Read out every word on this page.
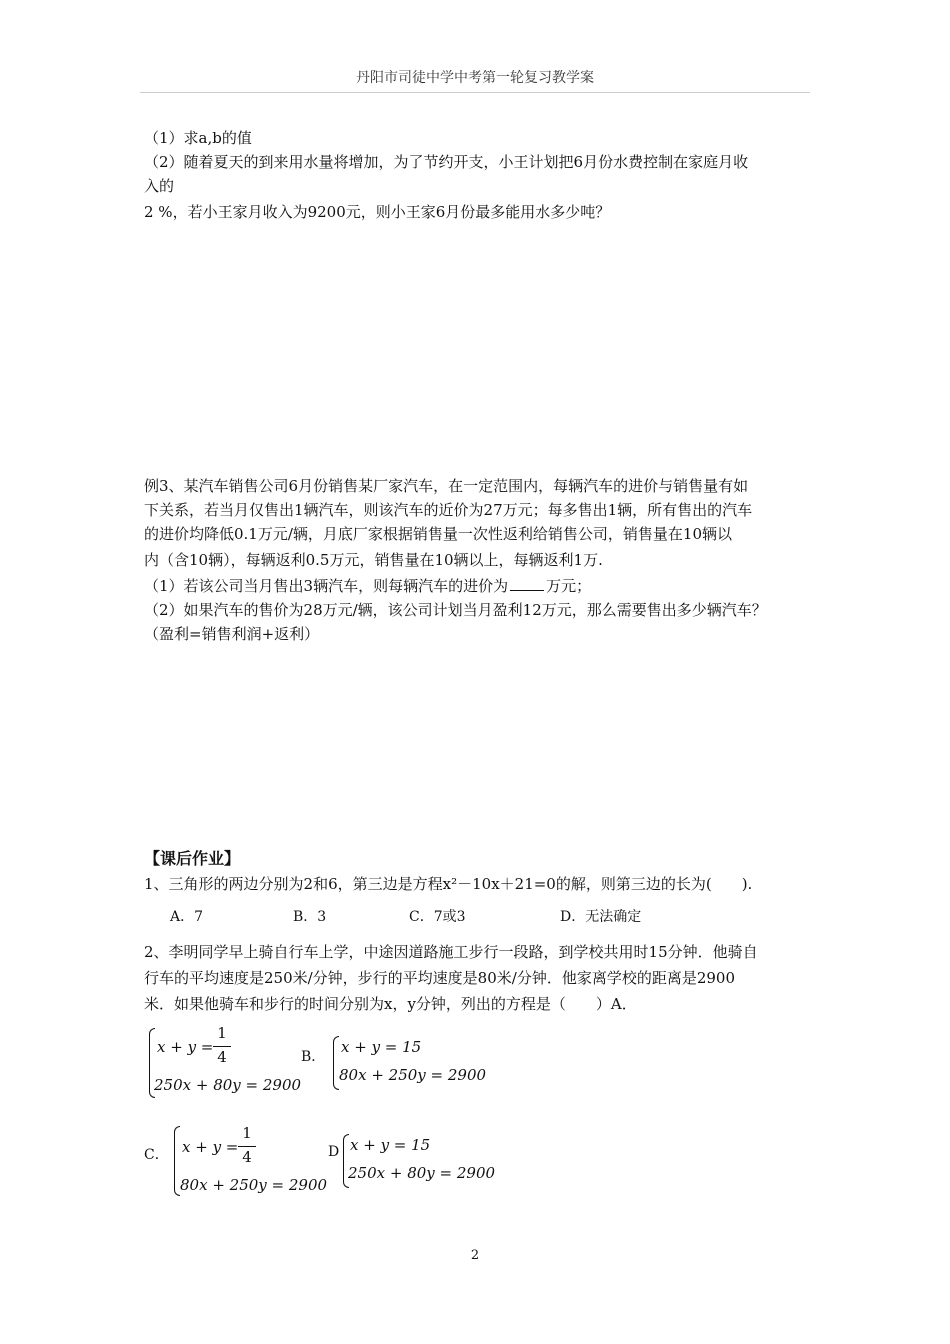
丹阳市司徒中学中考第一轮复习教学案
（1）求a,b的值
（2）随着夏天的到来用水量将增加，为了节约开支，小王计划把6月份水费控制在家庭月收
入的
2 %，若小王家月收入为9200元，则小王家6月份最多能用水多少吨？
例3、某汽车销售公司6月份销售某厂家汽车，在一定范围内，每辆汽车的进价与销售量有如
下关系，若当月仅售出1辆汽车，则该汽车的近价为27万元；每多售出1辆，所有售出的汽车
的进价均降低0.1万元/辆，月底厂家根据销售量一次性返利给销售公司，销售量在10辆以
内（含10辆），每辆返利0.5万元，销售量在10辆以上，每辆返利1万.
（1）若该公司当月售出3辆汽车，则每辆汽车的进价为	万元；
（2）如果汽车的售价为28万元/辆，该公司计划当月盈利12万元，那么需要售出多少辆汽车？
（盈利=销售利润+返利）
【课后作业】
1、三角形的两边分别为2和6，第三边是方程x²－10x＋21=0的解，则第三边的长为(　　).
A．7	B．3	C．7或3	D．无法确定
2、李明同学早上骑自行车上学，中途因道路施工步行一段路，到学校共用时15分钟．他骑自
行车的平均速度是250米/分钟，步行的平均速度是80米/分钟．他家离学校的距离是2900
米．如果他骑车和步行的时间分别为x，y分钟，列出的方程是（　　）A．
x + y =
1
4
250x + 80y = 2900
B．
x + y = 15
80x + 250y = 2900
C． x + y =
1
4
80x + 250y = 2900
D x + y = 15
250x + 80y = 2900
2
